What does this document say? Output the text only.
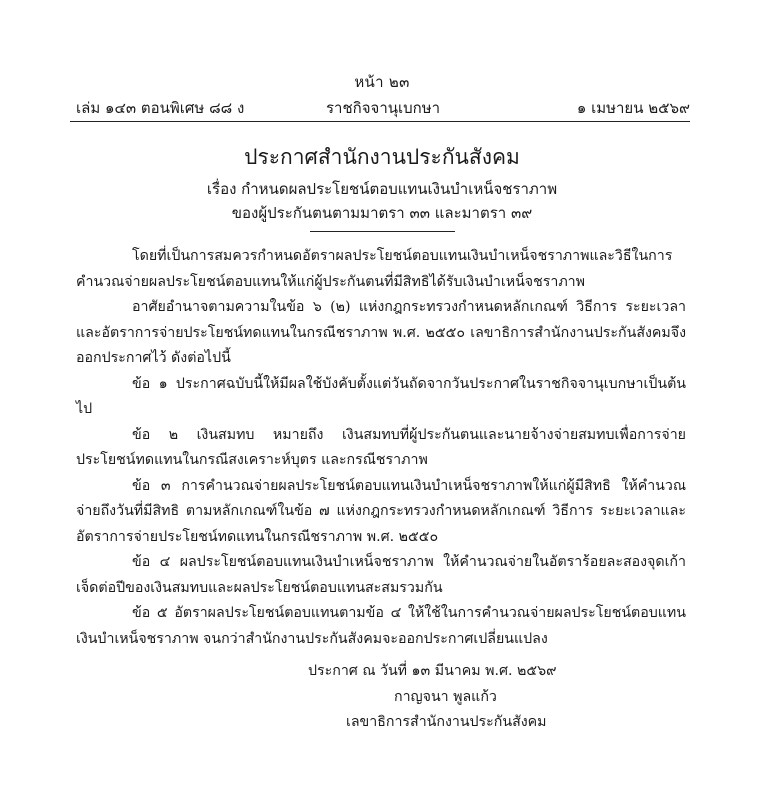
หน้า ๒๓
เล่ม ๑๔๓ ตอนพิเศษ ๘๘ ง	ราชกิจจานุเบกษา	๑ เมษายน ๒๕๖๙
ประกาศสำนักงานประกันสังคม
เรื่อง กำหนดผลประโยชน์ตอบแทนเงินบำเหน็จชราภาพ
ของผู้ประกันตนตามมาตรา ๓๓ และมาตรา ๓๙

โดยที่เป็นการสมควรกำหนดอัตราผลประโยชน์ตอบแทนเงินบำเหน็จชราภาพและวิธีในการคำนวณจ่ายผลประโยชน์ตอบแทนให้แก่ผู้ประกันตนที่มีสิทธิได้รับเงินบำเหน็จชราภาพ

อาศัยอำนาจตามความในข้อ ๖ (๒) แห่งกฎกระทรวงกำหนดหลักเกณฑ์ วิธีการ ระยะเวลา และอัตราการจ่ายประโยชน์ทดแทนในกรณีชราภาพ พ.ศ. ๒๕๕๐ เลขาธิการสำนักงานประกันสังคมจึงออกประกาศไว้ ดังต่อไปนี้

ข้อ ๑ ประกาศฉบับนี้ให้มีผลใช้บังคับตั้งแต่วันถัดจากวันประกาศในราชกิจจานุเบกษาเป็นต้นไป

ข้อ ๒ เงินสมทบ หมายถึง เงินสมทบที่ผู้ประกันตนและนายจ้างจ่ายสมทบเพื่อการจ่ายประโยชน์ทดแทนในกรณีสงเคราะห์บุตร และกรณีชราภาพ

ข้อ ๓ การคำนวณจ่ายผลประโยชน์ตอบแทนเงินบำเหน็จชราภาพให้แก่ผู้มีสิทธิ ให้คำนวณจ่ายถึงวันที่มีสิทธิ ตามหลักเกณฑ์ในข้อ ๗ แห่งกฎกระทรวงกำหนดหลักเกณฑ์ วิธีการ ระยะเวลาและอัตราการจ่ายประโยชน์ทดแทนในกรณีชราภาพ พ.ศ. ๒๕๕๐

ข้อ ๔ ผลประโยชน์ตอบแทนเงินบำเหน็จชราภาพ ให้คำนวณจ่ายในอัตราร้อยละสองจุดเก้าเจ็ดต่อปีของเงินสมทบและผลประโยชน์ตอบแทนสะสมรวมกัน

ข้อ ๕ อัตราผลประโยชน์ตอบแทนตามข้อ ๔ ให้ใช้ในการคำนวณจ่ายผลประโยชน์ตอบแทนเงินบำเหน็จชราภาพ จนกว่าสำนักงานประกันสังคมจะออกประกาศเปลี่ยนแปลง

ประกาศ ณ วันที่ ๑๓ มีนาคม พ.ศ. ๒๕๖๙
กาญจนา พูลแก้ว
เลขาธิการสำนักงานประกันสังคม
